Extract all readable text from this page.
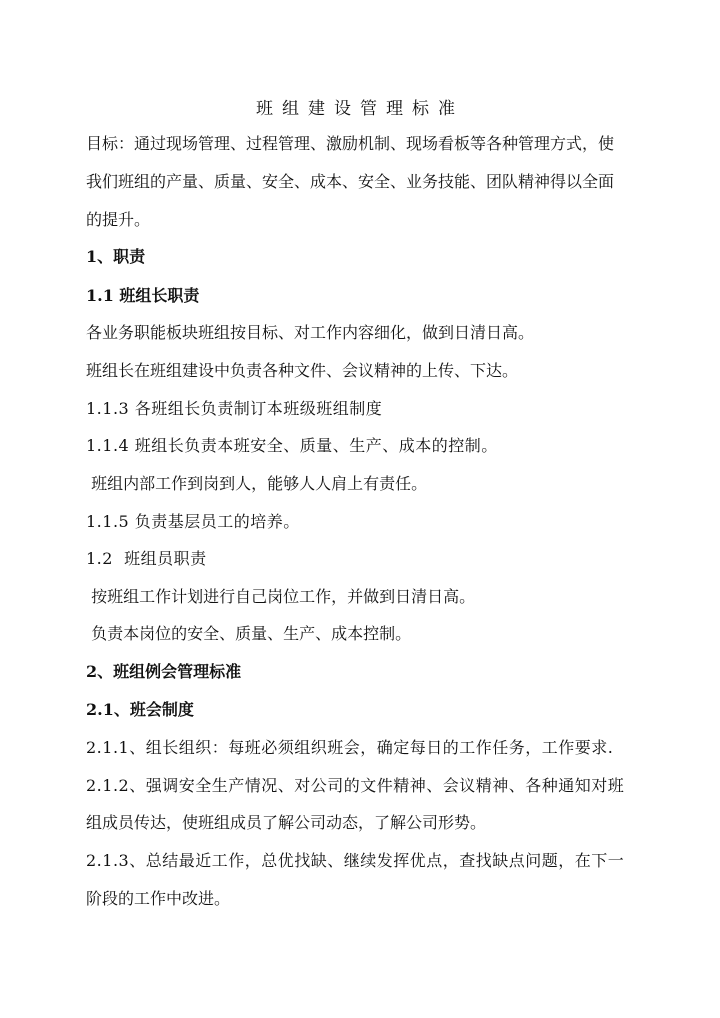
班组建设管理标准
目标：通过现场管理、过程管理、激励机制、现场看板等各种管理方式，使
我们班组的产量、质量、安全、成本、安全、业务技能、团队精神得以全面
的提升。
1、职责
1.1 班组长职责
各业务职能板块班组按目标、对工作内容细化，做到日清日高。
班组长在班组建设中负责各种文件、会议精神的上传、下达。
1.1.3 各班组长负责制订本班级班组制度
1.1.4 班组长负责本班安全、质量、生产、成本的控制。
班组内部工作到岗到人，能够人人肩上有责任。
1.1.5 负责基层员工的培养。
1.2  班组员职责
按班组工作计划进行自己岗位工作，并做到日清日高。
负责本岗位的安全、质量、生产、成本控制。
2、班组例会管理标准
2.1、班会制度
2.1.1、组长组织：每班必须组织班会，确定每日的工作任务，工作要求.
2.1.2、强调安全生产情况、对公司的文件精神、会议精神、各种通知对班
组成员传达，使班组成员了解公司动态，了解公司形势。
2.1.3、总结最近工作，总优找缺、继续发挥优点，查找缺点问题，在下一
阶段的工作中改进。
